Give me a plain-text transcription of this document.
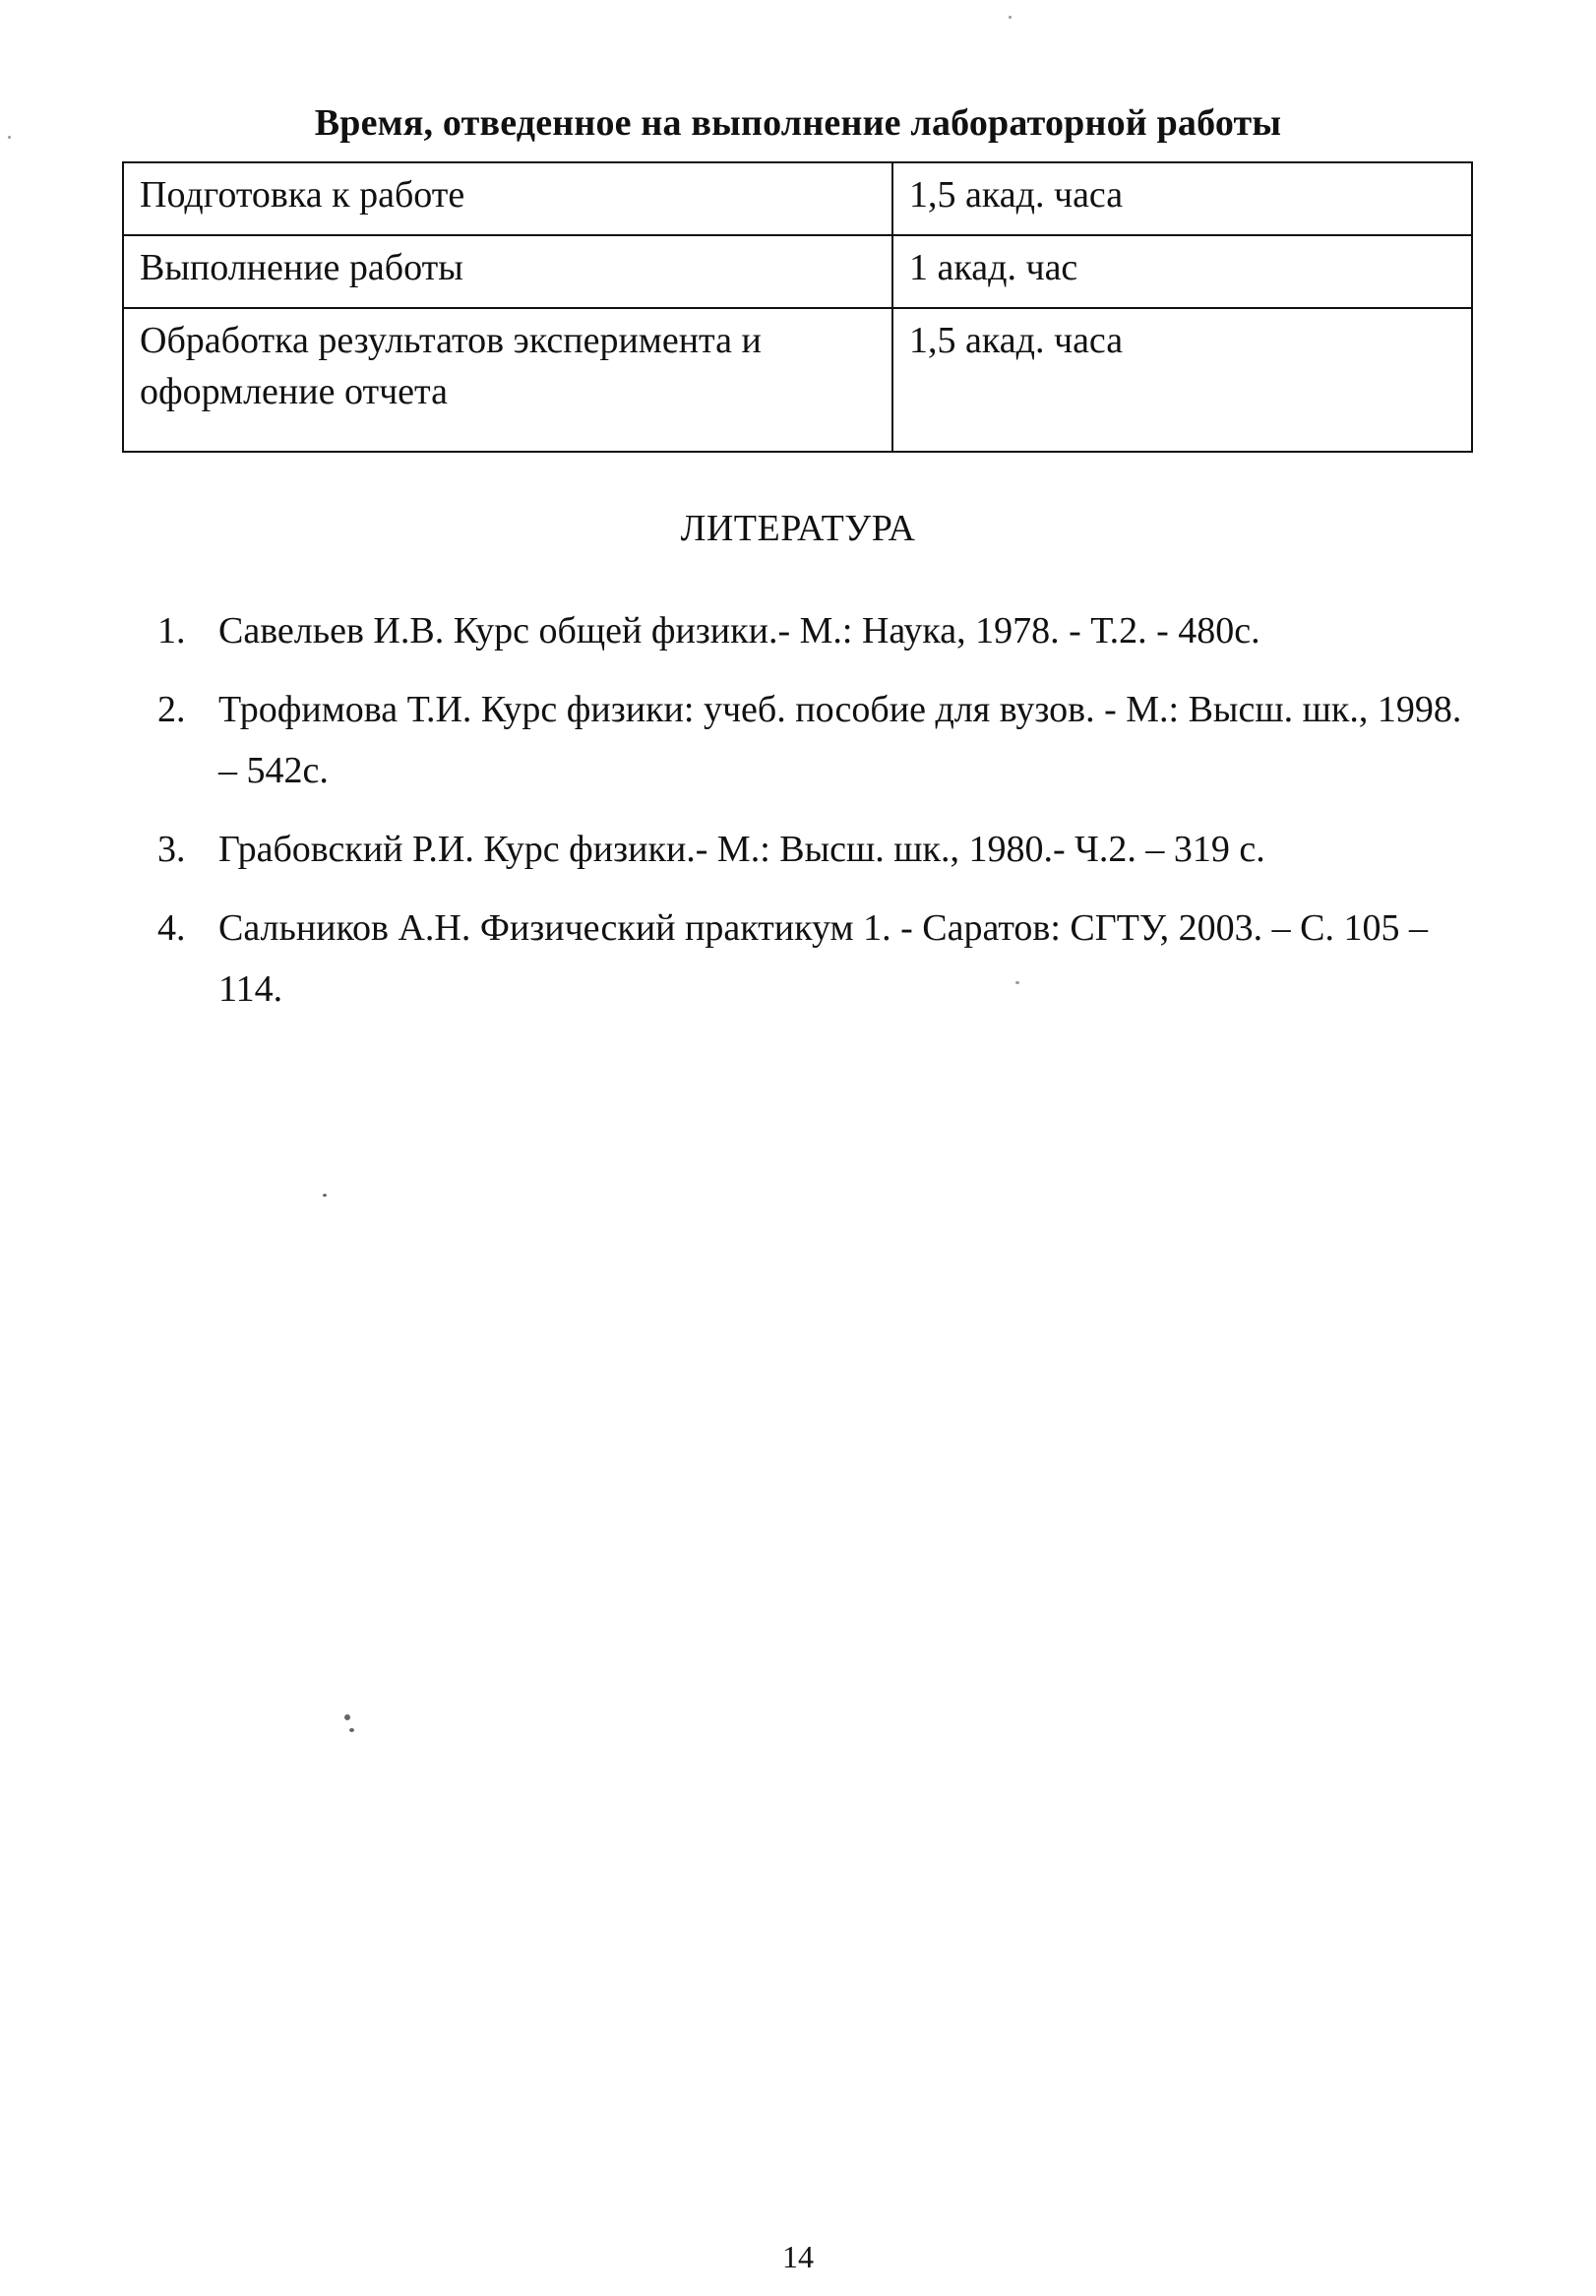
Время, отведенное на выполнение лабораторной работы
Подготовка к работе	1,5 акад. часа
Выполнение работы	1 акад. час
Обработка результатов эксперимента и оформление отчета	1,5 акад. часа
ЛИТЕРАТУРА
1. Савельев И.В. Курс общей физики.- М.: Наука, 1978. - Т.2. - 480с.
2. Трофимова Т.И. Курс физики: учеб. пособие для вузов. - М.: Высш. шк., 1998. – 542с.
3. Грабовский Р.И. Курс физики.- М.: Высш. шк., 1980.- Ч.2. – 319 с.
4. Сальников А.Н. Физический практикум 1. - Саратов: СГТУ, 2003. – С. 105 – 114.
14
